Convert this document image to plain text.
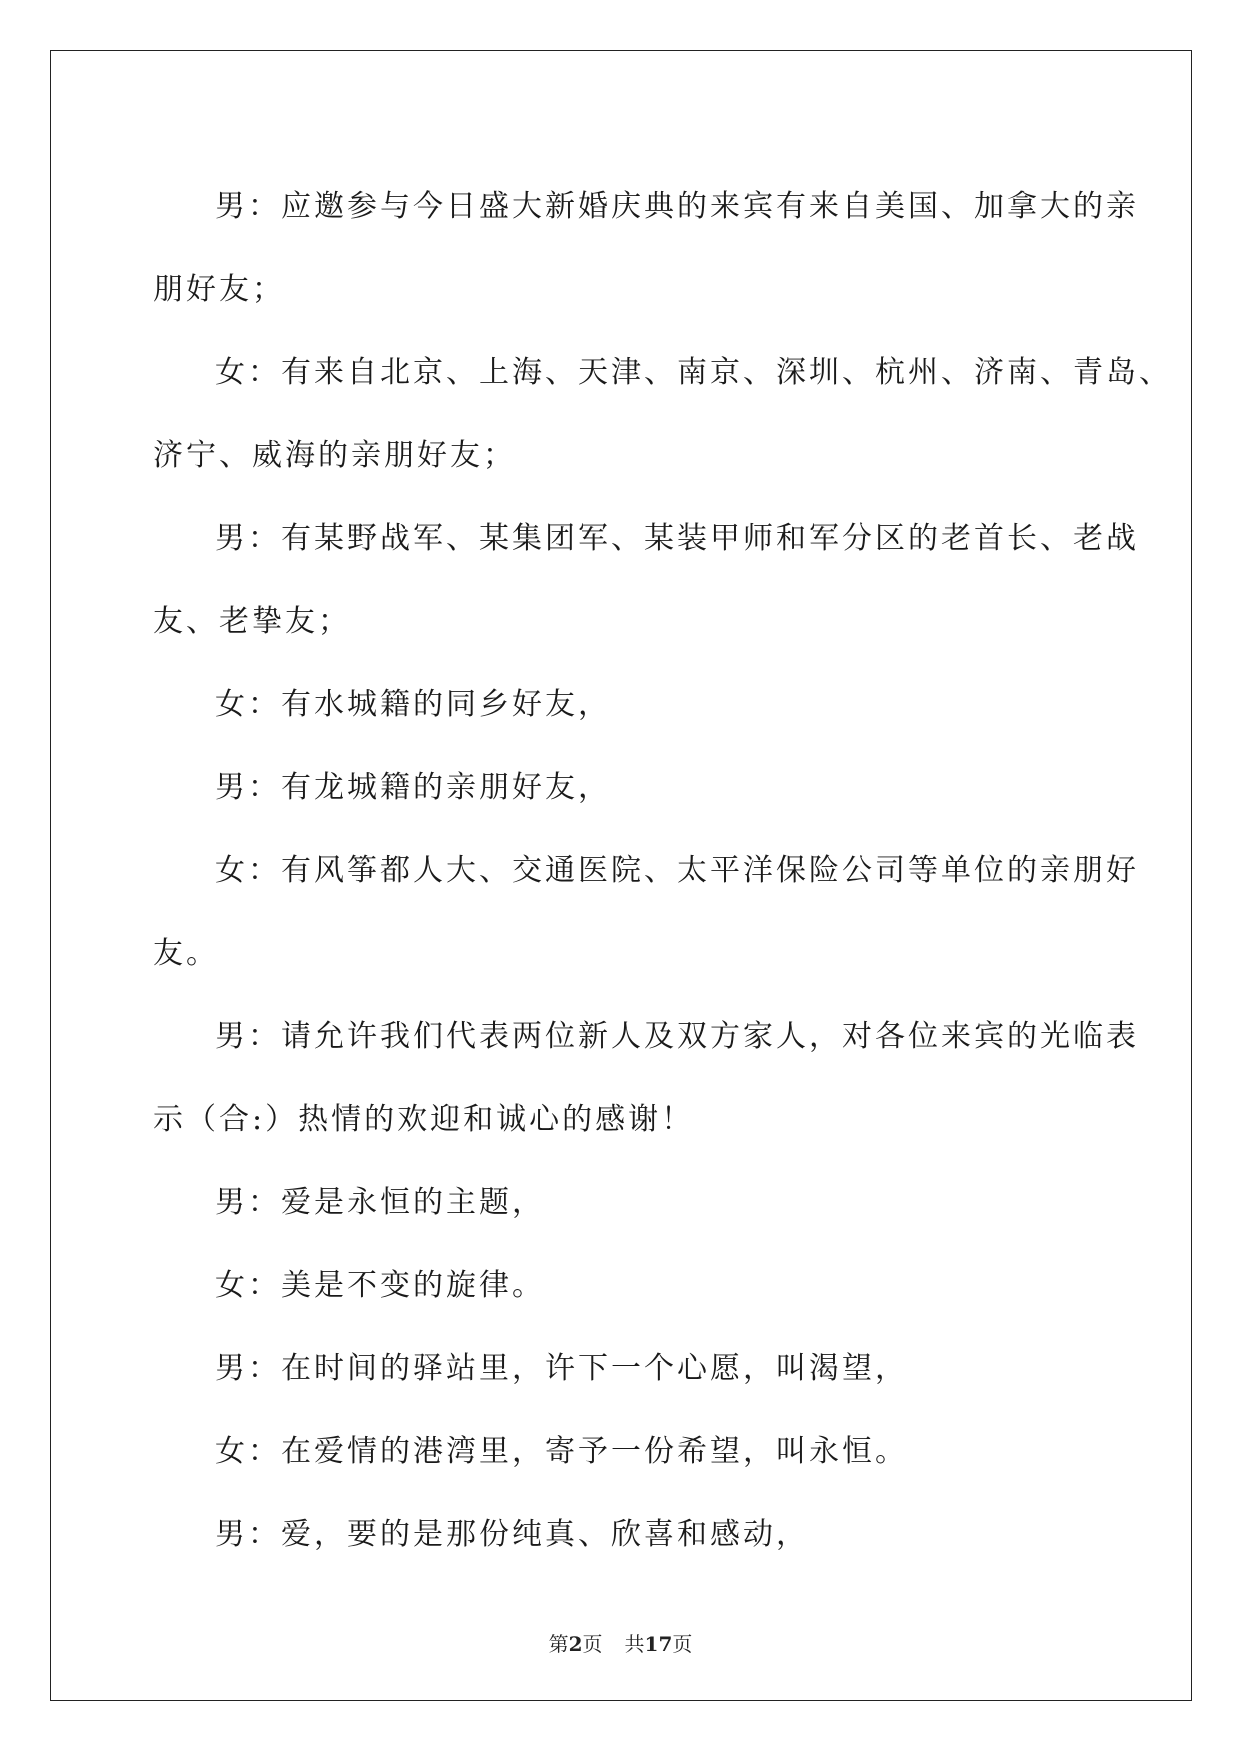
男：应邀参与今日盛大新婚庆典的来宾有来自美国、加拿大的亲
朋好友；
女：有来自北京、上海、天津、南京、深圳、杭州、济南、青岛、
济宁、威海的亲朋好友；
男：有某野战军、某集团军、某装甲师和军分区的老首长、老战
友、老挚友；
女：有水城籍的同乡好友，
男：有龙城籍的亲朋好友，
女：有风筝都人大、交通医院、太平洋保险公司等单位的亲朋好
友。
男：请允许我们代表两位新人及双方家人，对各位来宾的光临表
示（合:）热情的欢迎和诚心的感谢！
男：爱是永恒的主题，
女：美是不变的旋律。
男：在时间的驿站里，许下一个心愿，叫渴望，
女：在爱情的港湾里，寄予一份希望，叫永恒。
男：爱，要的是那份纯真、欣喜和感动，
第2页 共17页
